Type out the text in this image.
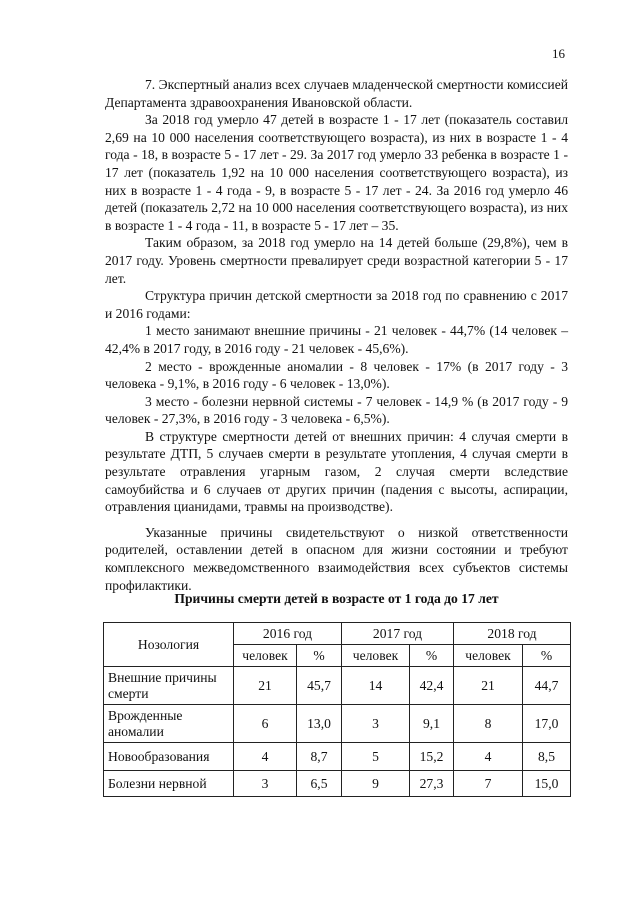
16

7. Экспертный анализ всех случаев младенческой смертности комиссией Департамента здравоохранения Ивановской области.

За 2018 год умерло 47 детей в возрасте 1 - 17 лет (показатель составил 2,69 на 10 000 населения соответствующего возраста), из них в возрасте 1 - 4 года - 18, в возрасте 5 - 17 лет - 29. За 2017 год умерло 33 ребенка в возрасте 1 - 17 лет (показатель 1,92 на 10 000 населения соответствующего возраста), из них в возрасте 1 - 4 года - 9, в возрасте 5 - 17 лет - 24. За 2016 год умерло 46 детей (показатель 2,72 на 10 000 населения соответствующего возраста), из них в возрасте 1 - 4 года - 11, в возрасте 5 - 17 лет – 35.

Таким образом, за 2018 год умерло на 14 детей больше (29,8%), чем в 2017 году. Уровень смертности превалирует среди возрастной категории 5 - 17 лет.

Структура причин детской смертности за 2018 год по сравнению с 2017 и 2016 годами:

1 место занимают внешние причины - 21 человек - 44,7% (14 человек – 42,4% в 2017 году, в 2016 году - 21 человек - 45,6%).

2 место - врожденные аномалии - 8 человек - 17% (в 2017 году - 3 человека - 9,1%, в 2016 году - 6 человек - 13,0%).

3 место - болезни нервной системы - 7 человек - 14,9 % (в 2017 году - 9 человек - 27,3%, в 2016 году - 3 человека - 6,5%).

В структуре смертности детей от внешних причин: 4 случая смерти в результате ДТП, 5 случаев смерти в результате утопления, 4 случая смерти в результате отравления угарным газом, 2 случая смерти вследствие самоубийства и 6 случаев от других причин (падения с высоты, аспирации, отравления цианидами, травмы на производстве).

Указанные причины свидетельствуют о низкой ответственности родителей, оставлении детей в опасном для жизни состоянии и требуют комплексного межведомственного взаимодействия всех субъектов системы профилактики.

Причины смерти детей в возрасте от 1 года до 17 лет
Нозология	2016 год		2017 год		2018 год	
	человек	%	человек	%	человек	%
Внешние причины смерти	21	45,7	14	42,4	21	44,7
Врожденные аномалии	6	13,0	3	9,1	8	17,0
Новообразования	4	8,7	5	15,2	4	8,5
Болезни нервной	3	6,5	9	27,3	7	15,0
